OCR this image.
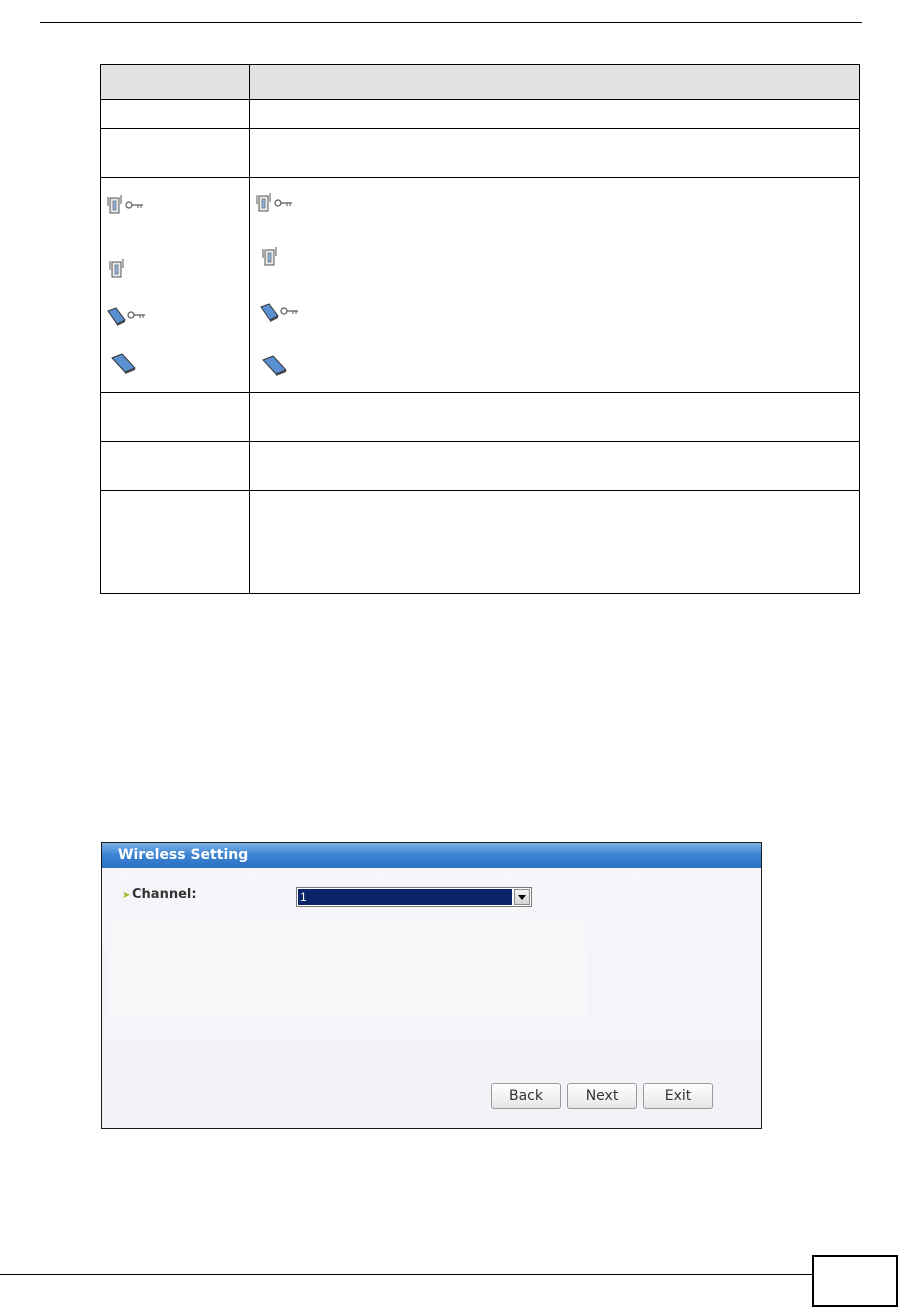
Wireless Setting
➤ Channel:	1
Back	Next	Exit
